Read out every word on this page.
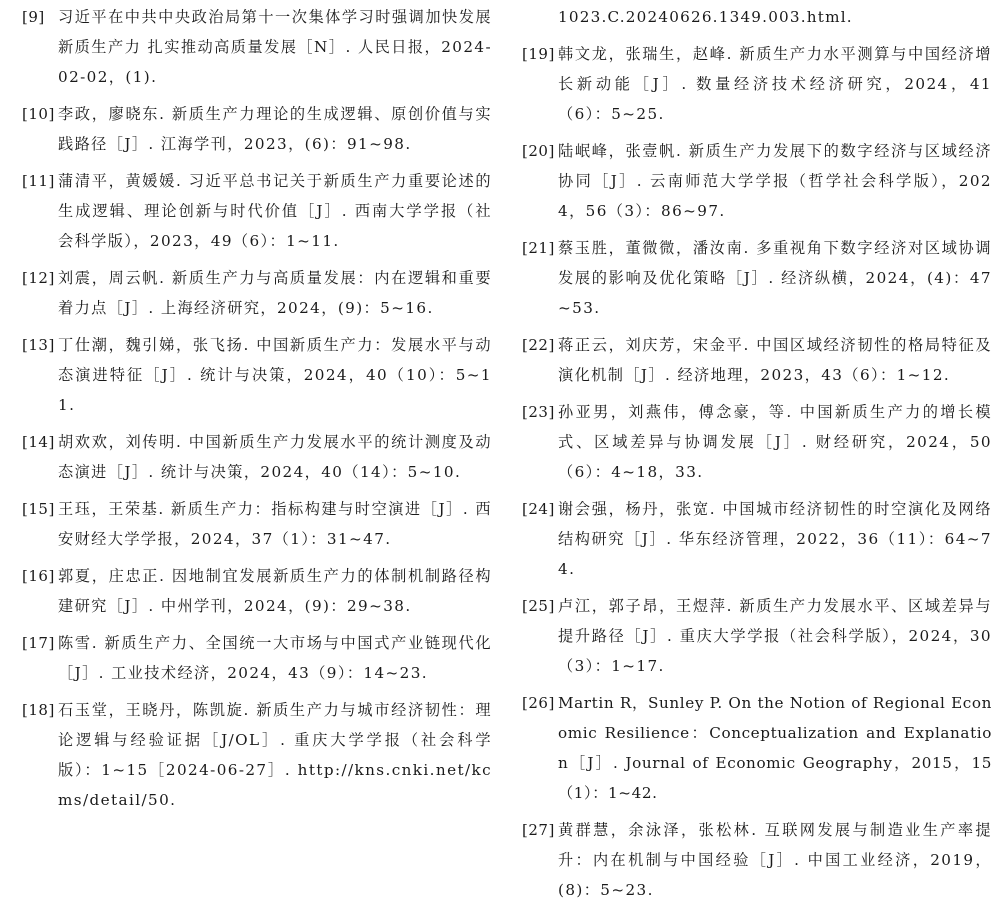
[9] 习近平在中共中央政治局第十一次集体学习时强调加快发展新质生产力 扎实推动高质量发展［N］. 人民日报，2024-02-02，(1).
[10] 李政，廖晓东. 新质生产力理论的生成逻辑、原创价值与实践路径［J］. 江海学刊，2023，(6)：91~98.
[11] 蒲清平，黄媛媛. 习近平总书记关于新质生产力重要论述的生成逻辑、理论创新与时代价值［J］. 西南大学学报（社会科学版），2023，49（6）：1~11.
[12] 刘震，周云帆. 新质生产力与高质量发展：内在逻辑和重要着力点［J］. 上海经济研究，2024，(9)：5~16.
[13] 丁仕潮，魏引娣，张飞扬. 中国新质生产力：发展水平与动态演进特征［J］. 统计与决策，2024，40（10）：5~11.
[14] 胡欢欢，刘传明. 中国新质生产力发展水平的统计测度及动态演进［J］. 统计与决策，2024，40（14）：5~10.
[15] 王珏，王荣基. 新质生产力：指标构建与时空演进［J］. 西安财经大学学报，2024，37（1）：31~47.
[16] 郭夏，庄忠正. 因地制宜发展新质生产力的体制机制路径构建研究［J］. 中州学刊，2024，(9)：29~38.
[17] 陈雪. 新质生产力、全国统一大市场与中国式产业链现代化［J］. 工业技术经济，2024，43（9）：14~23.
[18] 石玉堂，王晓丹，陈凯旋. 新质生产力与城市经济韧性：理论逻辑与经验证据［J/OL］. 重庆大学学报（社会科学版）：1~15［2024-06-27］. http://kns.cnki.net/kcms/detail/50.
1023.C.20240626.1349.003.html.
[19] 韩文龙，张瑞生，赵峰. 新质生产力水平测算与中国经济增长新动能［J］. 数量经济技术经济研究，2024，41（6）：5~25.
[20] 陆岷峰，张壹帆. 新质生产力发展下的数字经济与区域经济协同［J］. 云南师范大学学报（哲学社会科学版），2024，56（3）：86~97.
[21] 蔡玉胜，董微微，潘汝南. 多重视角下数字经济对区域协调发展的影响及优化策略［J］. 经济纵横，2024，(4)：47~53.
[22] 蒋正云，刘庆芳，宋金平. 中国区域经济韧性的格局特征及演化机制［J］. 经济地理，2023，43（6）：1~12.
[23] 孙亚男，刘燕伟，傅念豪，等. 中国新质生产力的增长模式、区域差异与协调发展［J］. 财经研究，2024，50（6）：4~18，33.
[24] 谢会强，杨丹，张宽. 中国城市经济韧性的时空演化及网络结构研究［J］. 华东经济管理，2022，36（11）：64~74.
[25] 卢江，郭子昂，王煜萍. 新质生产力发展水平、区域差异与提升路径［J］. 重庆大学学报（社会科学版），2024，30（3）：1~17.
[26] Martin R，Sunley P. On the Notion of Regional Economic Resilience：Conceptualization and Explanation［J］. Journal of Economic Geography，2015，15（1）：1~42.
[27] 黄群慧，余泳泽，张松林. 互联网发展与制造业生产率提升：内在机制与中国经验［J］. 中国工业经济，2019，(8)：5~23.
